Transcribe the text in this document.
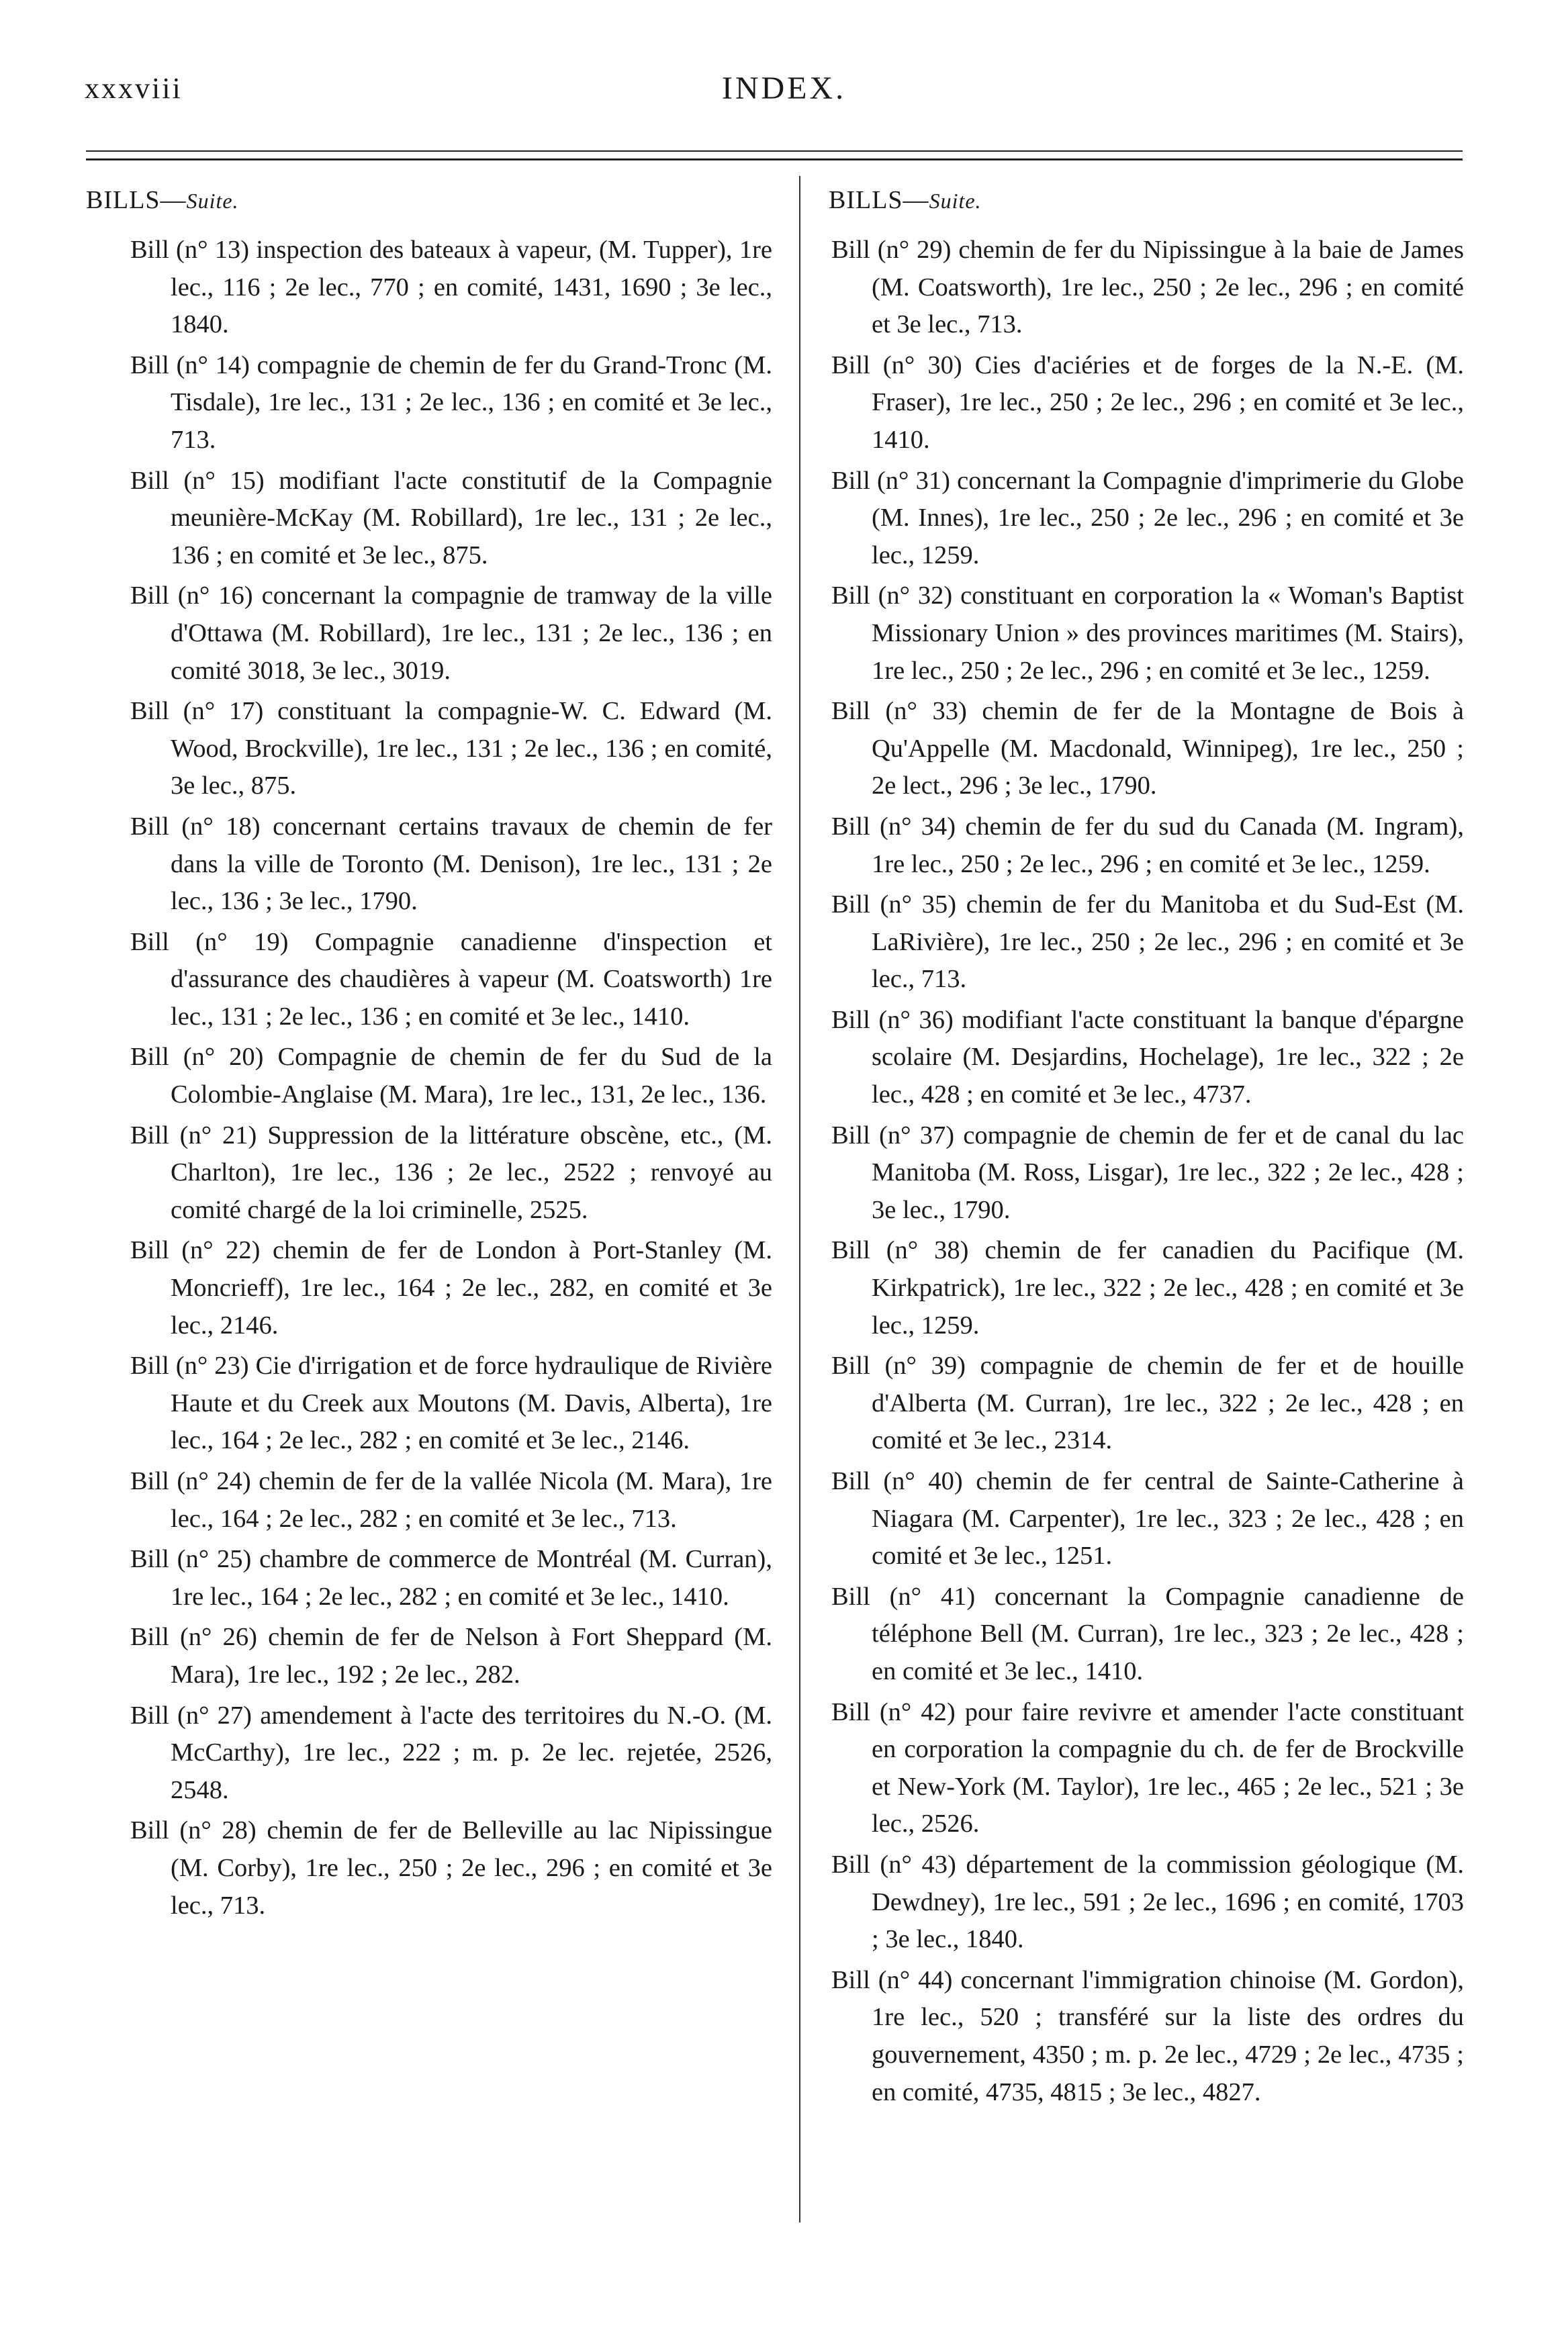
xxxviii	INDEX.
BILLS—Suite.

Bill (n° 13) inspection des bateaux à vapeur, (M. Tupper), 1re lec., 116 ; 2e lec., 770 ; en comité, 1431, 1690 ; 3e lec., 1840.

Bill (n° 14) compagnie de chemin de fer du Grand-Tronc (M. Tisdale), 1re lec., 131 ; 2e lec., 136 ; en comité et 3e lec., 713.

Bill (n° 15) modifiant l'acte constitutif de la Compagnie meunière-McKay (M. Robillard), 1re lec., 131 ; 2e lec., 136 ; en comité et 3e lec., 875.

Bill (n° 16) concernant la compagnie de tramway de la ville d'Ottawa (M. Robillard), 1re lec., 131 ; 2e lec., 136 ; en comité 3018, 3e lec., 3019.

Bill (n° 17) constituant la compagnie-W. C. Edward (M. Wood, Brockville), 1re lec., 131 ; 2e lec., 136 ; en comité, 3e lec., 875.

Bill (n° 18) concernant certains travaux de chemin de fer dans la ville de Toronto (M. Denison), 1re lec., 131 ; 2e lec., 136 ; 3e lec., 1790.

Bill (n° 19) Compagnie canadienne d'inspection et d'assurance des chaudières à vapeur (M. Coatsworth) 1re lec., 131 ; 2e lec., 136 ; en comité et 3e lec., 1410.

Bill (n° 20) Compagnie de chemin de fer du Sud de la Colombie-Anglaise (M. Mara), 1re lec., 131, 2e lec., 136.

Bill (n° 21) Suppression de la littérature obscène, etc., (M. Charlton), 1re lec., 136 ; 2e lec., 2522 ; renvoyé au comité chargé de la loi criminelle, 2525.

Bill (n° 22) chemin de fer de London à Port-Stanley (M. Moncrieff), 1re lec., 164 ; 2e lec., 282, en comité et 3e lec., 2146.

Bill (n° 23) Cie d'irrigation et de force hydraulique de Rivière Haute et du Creek aux Moutons (M. Davis, Alberta), 1re lec., 164 ; 2e lec., 282 ; en comité et 3e lec., 2146.

Bill (n° 24) chemin de fer de la vallée Nicola (M. Mara), 1re lec., 164 ; 2e lec., 282 ; en comité et 3e lec., 713.

Bill (n° 25) chambre de commerce de Montréal (M. Curran), 1re lec., 164 ; 2e lec., 282 ; en comité et 3e lec., 1410.

Bill (n° 26) chemin de fer de Nelson à Fort Sheppard (M. Mara), 1re lec., 192 ; 2e lec., 282.

Bill (n° 27) amendement à l'acte des territoires du N.-O. (M. McCarthy), 1re lec., 222 ; m. p. 2e lec. rejetée, 2526, 2548.

Bill (n° 28) chemin de fer de Belleville au lac Nipissingue (M. Corby), 1re lec., 250 ; 2e lec., 296 ; en comité et 3e lec., 713.

BILLS—Suite.

Bill (n° 29) chemin de fer du Nipissingue à la baie de James (M. Coatsworth), 1re lec., 250 ; 2e lec., 296 ; en comité et 3e lec., 713.

Bill (n° 30) Cies d'aciéries et de forges de la N.-E. (M. Fraser), 1re lec., 250 ; 2e lec., 296 ; en comité et 3e lec., 1410.

Bill (n° 31) concernant la Compagnie d'imprimerie du Globe (M. Innes), 1re lec., 250 ; 2e lec., 296 ; en comité et 3e lec., 1259.

Bill (n° 32) constituant en corporation la « Woman's Baptist Missionary Union » des provinces maritimes (M. Stairs), 1re lec., 250 ; 2e lec., 296 ; en comité et 3e lec., 1259.

Bill (n° 33) chemin de fer de la Montagne de Bois à Qu'Appelle (M. Macdonald, Winnipeg), 1re lec., 250 ; 2e lect., 296 ; 3e lec., 1790.

Bill (n° 34) chemin de fer du sud du Canada (M. Ingram), 1re lec., 250 ; 2e lec., 296 ; en comité et 3e lec., 1259.

Bill (n° 35) chemin de fer du Manitoba et du Sud-Est (M. LaRivière), 1re lec., 250 ; 2e lec., 296 ; en comité et 3e lec., 713.

Bill (n° 36) modifiant l'acte constituant la banque d'épargne scolaire (M. Desjardins, Hochelage), 1re lec., 322 ; 2e lec., 428 ; en comité et 3e lec., 4737.

Bill (n° 37) compagnie de chemin de fer et de canal du lac Manitoba (M. Ross, Lisgar), 1re lec., 322 ; 2e lec., 428 ; 3e lec., 1790.

Bill (n° 38) chemin de fer canadien du Pacifique (M. Kirkpatrick), 1re lec., 322 ; 2e lec., 428 ; en comité et 3e lec., 1259.

Bill (n° 39) compagnie de chemin de fer et de houille d'Alberta (M. Curran), 1re lec., 322 ; 2e lec., 428 ; en comité et 3e lec., 2314.

Bill (n° 40) chemin de fer central de Sainte-Catherine à Niagara (M. Carpenter), 1re lec., 323 ; 2e lec., 428 ; en comité et 3e lec., 1251.

Bill (n° 41) concernant la Compagnie canadienne de téléphone Bell (M. Curran), 1re lec., 323 ; 2e lec., 428 ; en comité et 3e lec., 1410.

Bill (n° 42) pour faire revivre et amender l'acte constituant en corporation la compagnie du ch. de fer de Brockville et New-York (M. Taylor), 1re lec., 465 ; 2e lec., 521 ; 3e lec., 2526.

Bill (n° 43) département de la commission géologique (M. Dewdney), 1re lec., 591 ; 2e lec., 1696 ; en comité, 1703 ; 3e lec., 1840.

Bill (n° 44) concernant l'immigration chinoise (M. Gordon), 1re lec., 520 ; transféré sur la liste des ordres du gouvernement, 4350 ; m. p. 2e lec., 4729 ; 2e lec., 4735 ; en comité, 4735, 4815 ; 3e lec., 4827.
